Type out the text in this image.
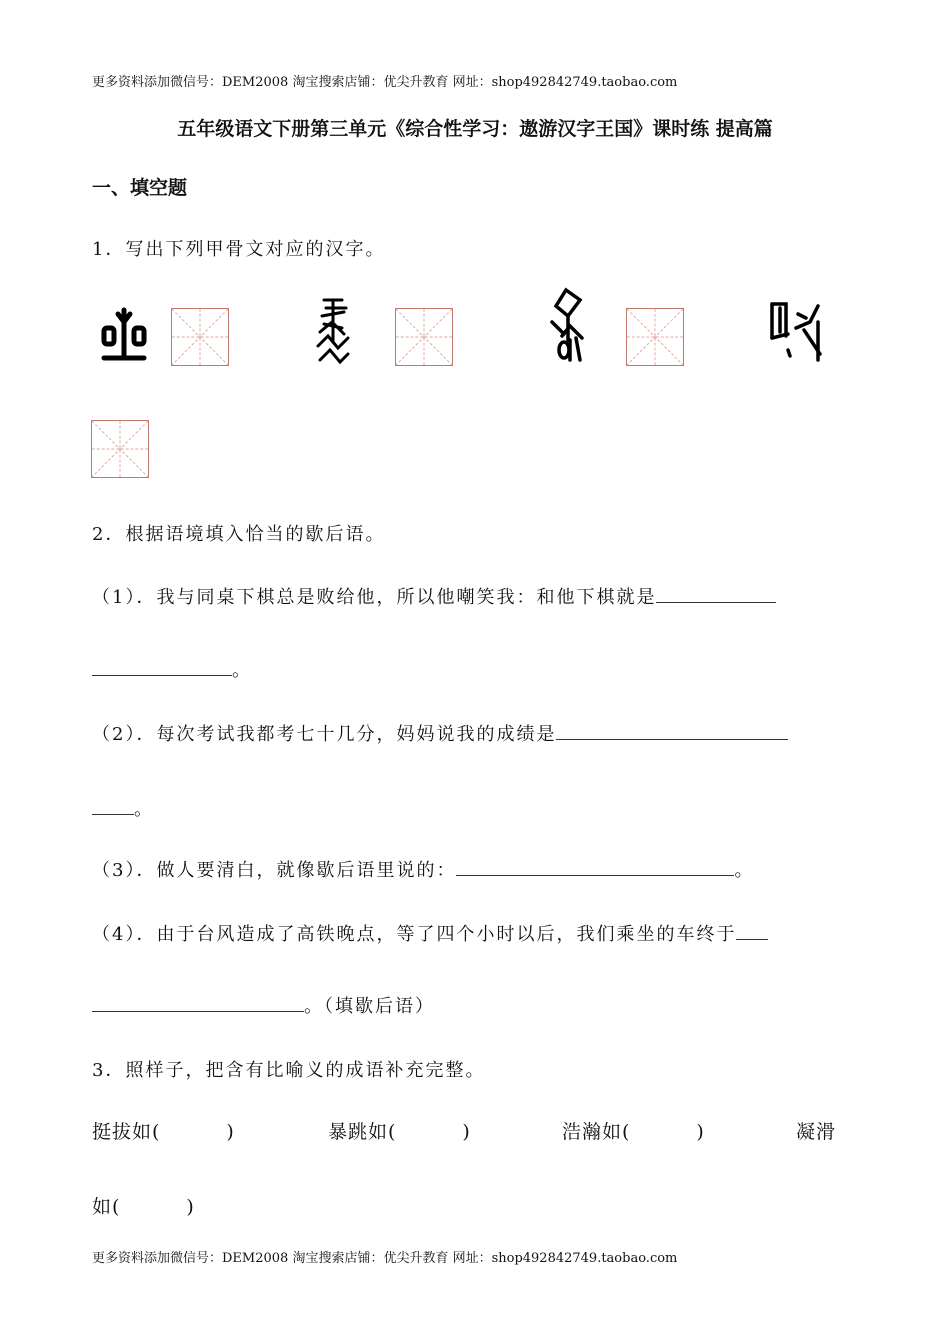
更多资料添加微信号：DEM2008 淘宝搜索店铺：优尖升教育 网址：shop492842749.taobao.com
五年级语文下册第三单元《综合性学习：遨游汉字王国》课时练 提高篇
一、填空题
1．写出下列甲骨文对应的汉字。
2．根据语境填入恰当的歇后语。
（1）．我与同桌下棋总是败给他，所以他嘲笑我：和他下棋就是
。
（2）．每次考试我都考七十几分，妈妈说我的成绩是
。
（3）．做人要清白，就像歇后语里说的：	。
（4）．由于台风造成了高铁晚点，等了四个小时以后，我们乘坐的车终于
。（填歇后语）
3．照样子，把含有比喻义的成语补充完整。
挺拔如(	)	暴跳如(	)	浩瀚如(	)	凝滑
如(	)
更多资料添加微信号：DEM2008 淘宝搜索店铺：优尖升教育 网址：shop492842749.taobao.com
